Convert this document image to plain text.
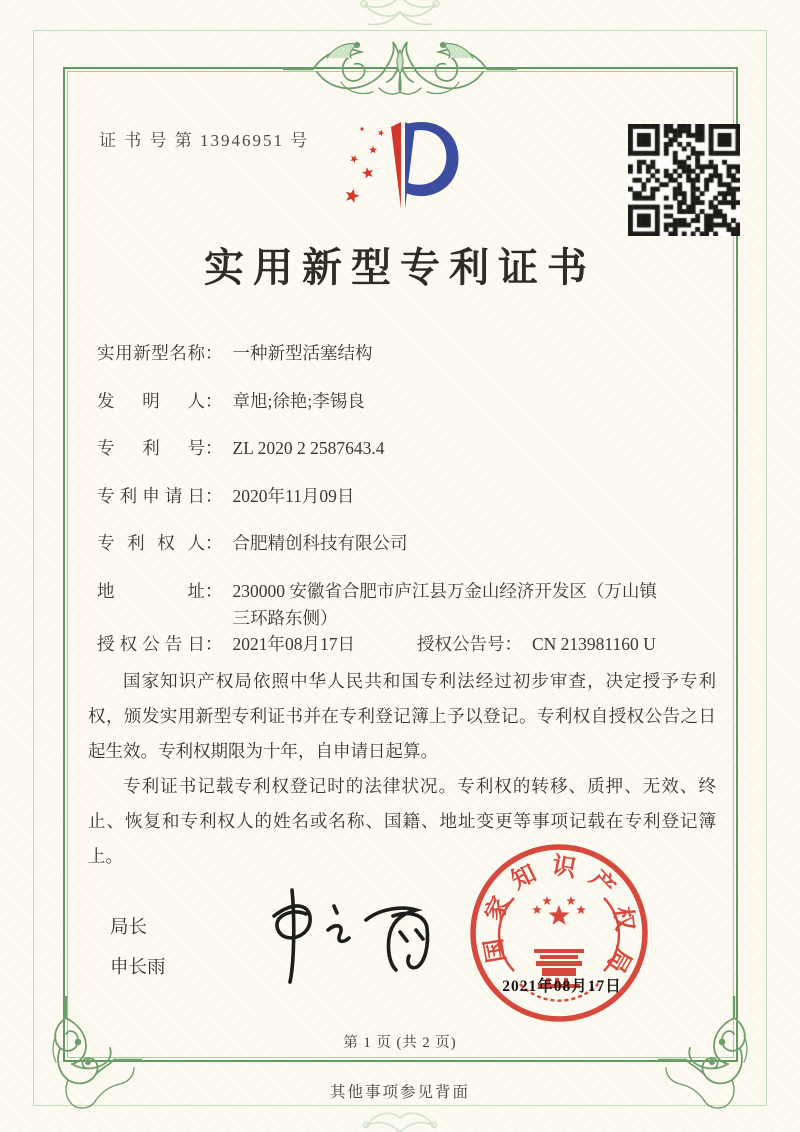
证 书 号 第 13946951 号
实用新型专利证书
实用新型名称 ： 一种新型活塞结构
发明人 ： 章旭;徐艳;李锡良
专利号 ： ZL 2020 2 2587643.4
专利申请日 ： 2020年11月09日
专利权人 ： 合肥精创科技有限公司
地址 ： 230000 安徽省合肥市庐江县万金山经济开发区（万山镇三环路东侧）
授权公告日 ： 2021年08月17日	授权公告号 ： CN 213981160 U

国家知识产权局依照中华人民共和国专利法经过初步审查，决定授予专利权，颁发实用新型专利证书并在专利登记簿上予以登记。专利权自授权公告之日起生效。专利权期限为十年，自申请日起算。

专利证书记载专利权登记时的法律状况。专利权的转移、质押、无效、终止、恢复和专利权人的姓名或名称、国籍、地址变更等事项记载在专利登记簿上。

局长
申长雨
国家知识产权局
2021年08月17日
第 1 页 (共 2 页)
其他事项参见背面
